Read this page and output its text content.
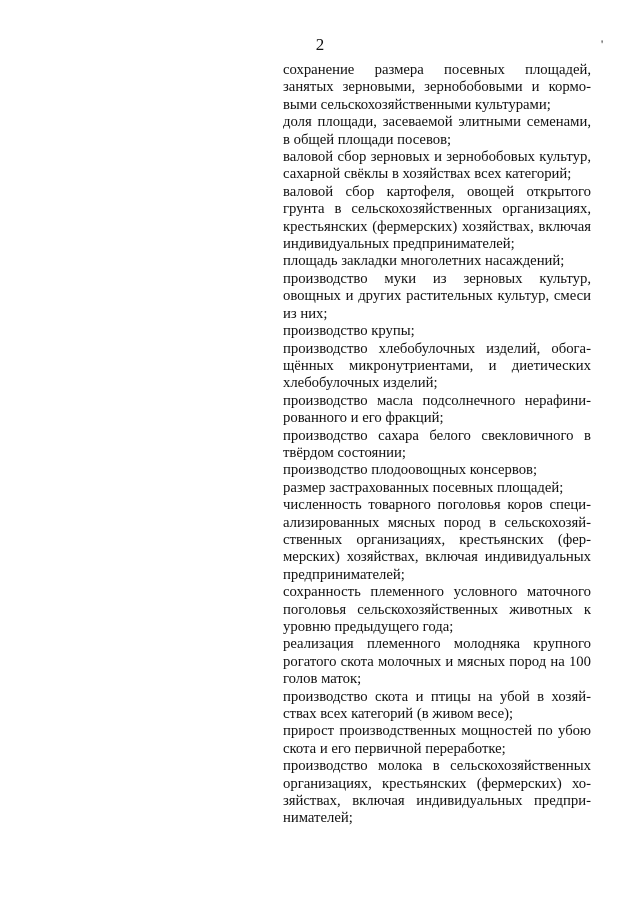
2	'

сохранение размера посевных площадей, занятых зерновыми, зернобобовыми и кормовыми сельскохозяйственными культурами;

доля площади, засеваемой элитными семенами, в общей площади посевов;

валовой сбор зерновых и зернобобовых культур, сахарной свёклы в хозяйствах всех категорий;

валовой сбор картофеля, овощей открытого грунта в сельскохозяйственных организациях, крестьянских (фермерских) хозяйствах, включая индивидуальных предпринимателей;

площадь закладки многолетних насаждений;

производство муки из зерновых культур, овощных и других растительных культур, смеси из них;

производство крупы;

производство хлебобулочных изделий, обогащённых микронутриентами, и диетических хлебобулочных изделий;

производство масла подсолнечного нерафинированного и его фракций;

производство сахара белого свекловичного в твёрдом состоянии;

производство плодоовощных консервов;

размер застрахованных посевных площадей;

численность товарного поголовья коров специализированных мясных пород в сельскохозяйственных организациях, крестьянских (фермерских) хозяйствах, включая индивидуальных предпринимателей;

сохранность племенного условного маточного поголовья сельскохозяйственных животных к уровню предыдущего года;

реализация племенного молодняка крупного рогатого скота молочных и мясных пород на 100 голов маток;

производство скота и птицы на убой в хозяйствах всех категорий (в живом весе);

прирост производственных мощностей по убою скота и его первичной переработке;

производство молока в сельскохозяйственных организациях, крестьянских (фермерских) хозяйствах, включая индивидуальных предпринимателей;
